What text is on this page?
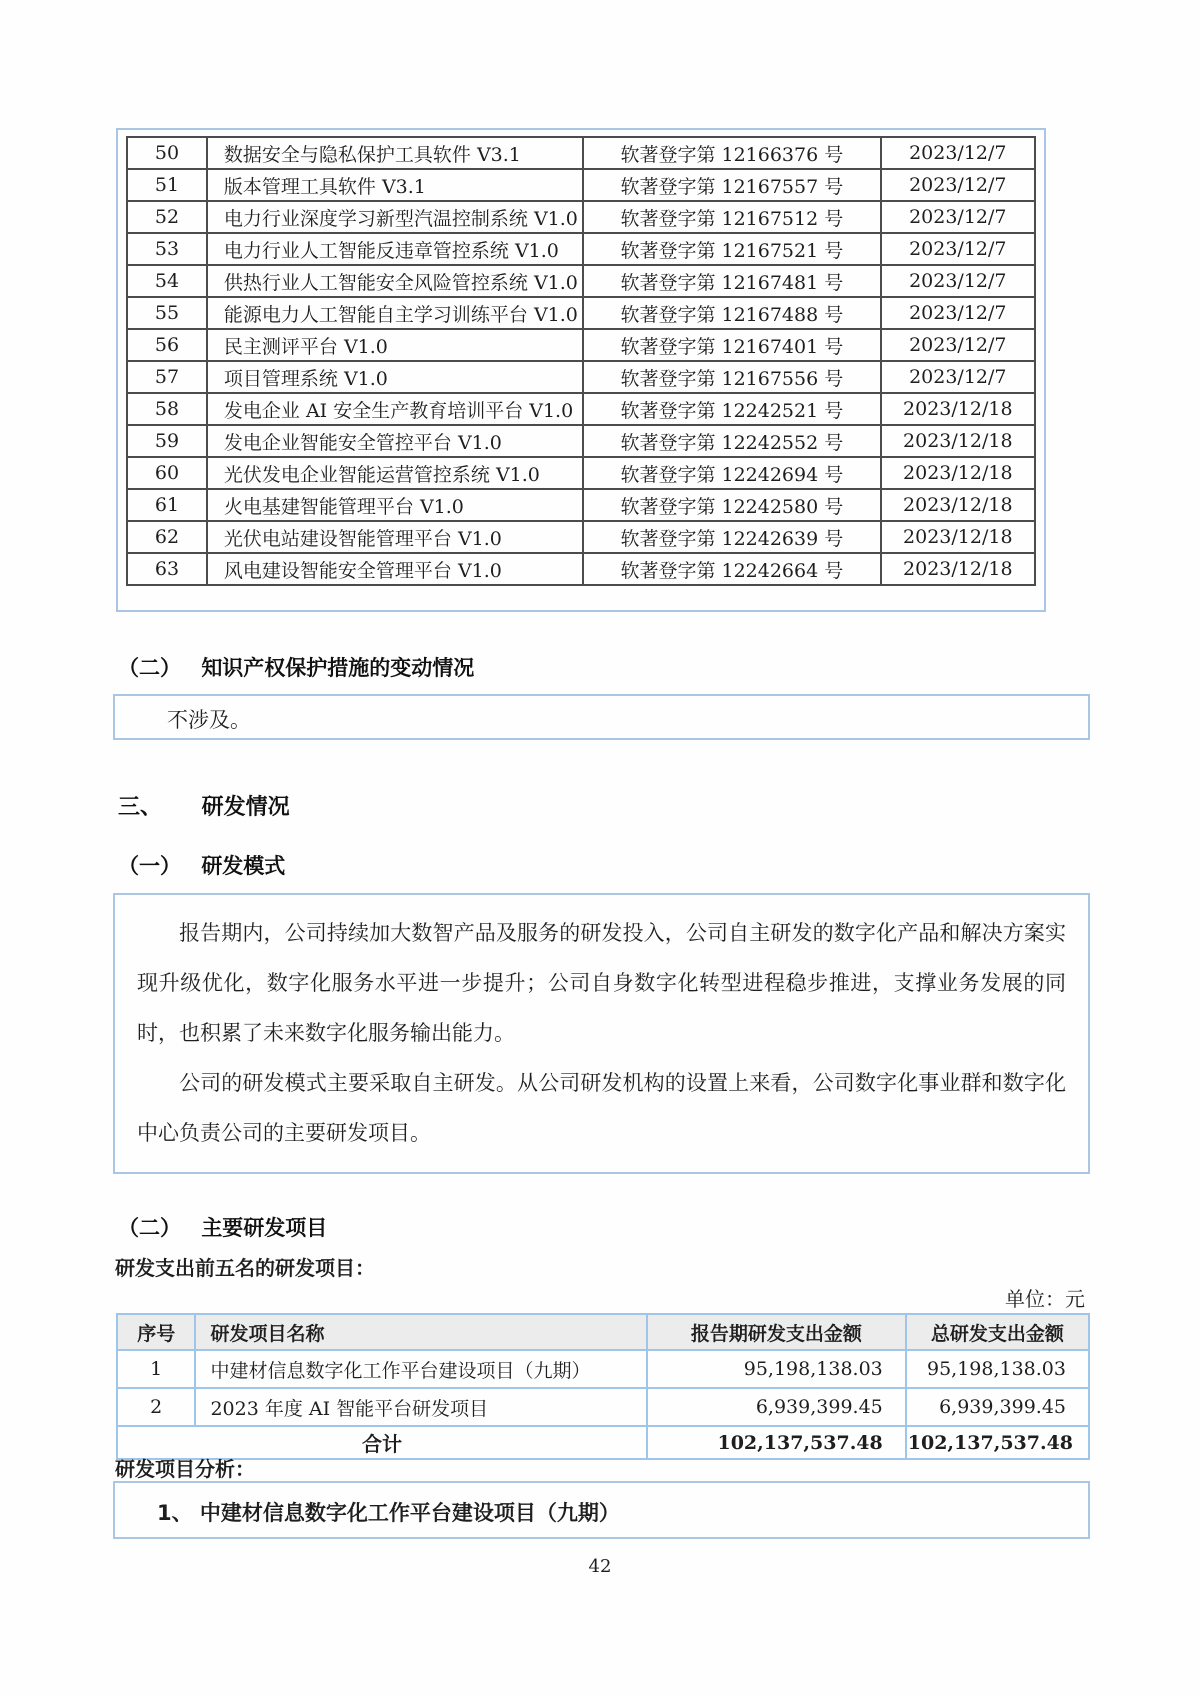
50	数据安全与隐私保护工具软件 V3.1	软著登字第 12166376 号	2023/12/7
51	版本管理工具软件 V3.1	软著登字第 12167557 号	2023/12/7
52	电力行业深度学习新型汽温控制系统 V1.0	软著登字第 12167512 号	2023/12/7
53	电力行业人工智能反违章管控系统 V1.0	软著登字第 12167521 号	2023/12/7
54	供热行业人工智能安全风险管控系统 V1.0	软著登字第 12167481 号	2023/12/7
55	能源电力人工智能自主学习训练平台 V1.0	软著登字第 12167488 号	2023/12/7
56	民主测评平台 V1.0	软著登字第 12167401 号	2023/12/7
57	项目管理系统 V1.0	软著登字第 12167556 号	2023/12/7
58	发电企业 AI 安全生产教育培训平台 V1.0	软著登字第 12242521 号	2023/12/18
59	发电企业智能安全管控平台 V1.0	软著登字第 12242552 号	2023/12/18
60	光伏发电企业智能运营管控系统 V1.0	软著登字第 12242694 号	2023/12/18
61	火电基建智能管理平台 V1.0	软著登字第 12242580 号	2023/12/18
62	光伏电站建设智能管理平台 V1.0	软著登字第 12242639 号	2023/12/18
63	风电建设智能安全管理平台 V1.0	软著登字第 12242664 号	2023/12/18
（二） 知识产权保护措施的变动情况

不涉及。

三、 研发情况
（一） 研发模式

报告期内，公司持续加大数智产品及服务的研发投入，公司自主研发的数字化产品和解决方案实现升级优化，数字化服务水平进一步提升；公司自身数字化转型进程稳步推进，支撑业务发展的同时，也积累了未来数字化服务输出能力。

公司的研发模式主要采取自主研发。从公司研发机构的设置上来看，公司数字化事业群和数字化中心负责公司的主要研发项目。

（二） 主要研发项目
研发支出前五名的研发项目：
单位：元
序号	研发项目名称	报告期研发支出金额	总研发支出金额
1	中建材信息数字化工作平台建设项目（九期）	95,198,138.03	95,198,138.03
2	2023 年度 AI 智能平台研发项目	6,939,399.45	6,939,399.45
合计		102,137,537.48	102,137,537.48
研发项目分析：

1、 中建材信息数字化工作平台建设项目（九期）

42
